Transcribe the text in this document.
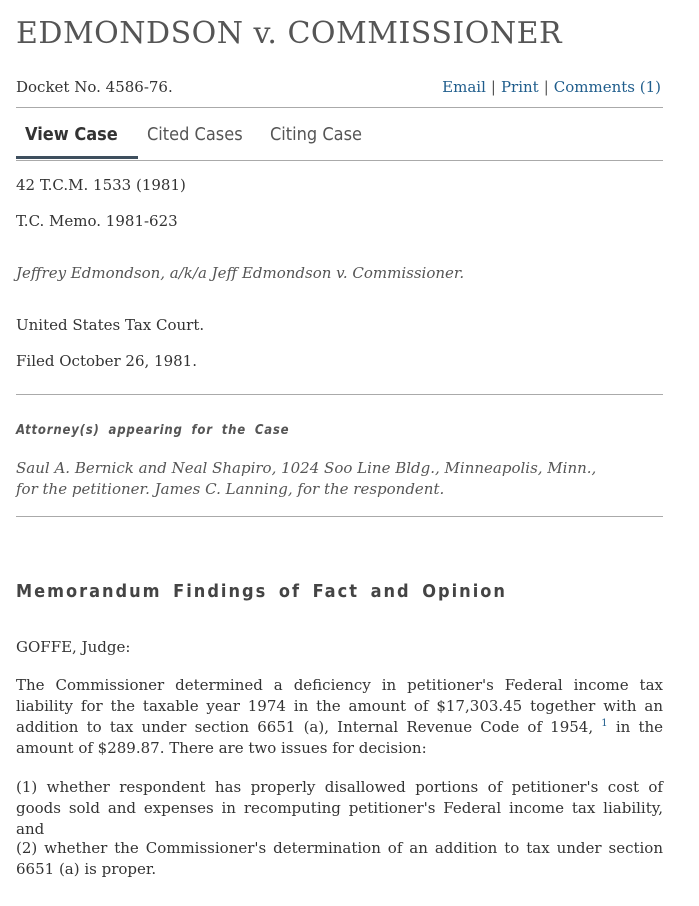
EDMONDSON v. COMMISSIONER
Docket No. 4586-76.	Email | Print | Comments (1)
View Case Cited Cases Citing Case

42 T.C.M. 1533 (1981)

T.C. Memo. 1981-623

Jeffrey Edmondson, a/k/a Jeff Edmondson v. Commissioner.

United States Tax Court.

Filed October 26, 1981.

Attorney(s) appearing for the Case

Saul A. Bernick and Neal Shapiro, 1024 Soo Line Bldg., Minneapolis, Minn., for the petitioner. James C. Lanning, for the respondent.

Memorandum Findings of Fact and Opinion

GOFFE, Judge:

The Commissioner determined a deficiency in petitioner's Federal income tax liability for the taxable year 1974 in the amount of $17,303.45 together with an addition to tax under section 6651 (a), Internal Revenue Code of 1954, $^1$ in the amount of $289.87. There are two issues for decision:

(1) whether respondent has properly disallowed portions of petitioner's cost of goods sold and expenses in recomputing petitioner's Federal income tax liability, and

(2) whether the Commissioner's determination of an addition to tax under section 6651 (a) is proper.
